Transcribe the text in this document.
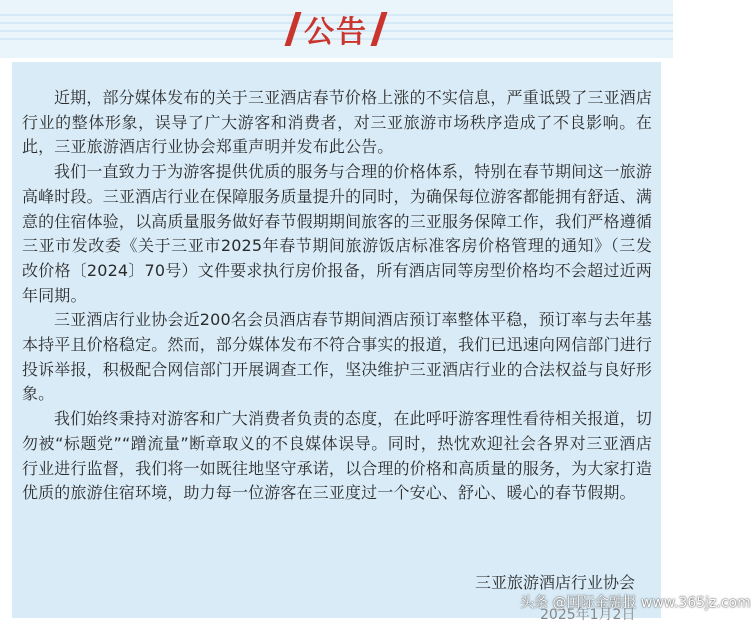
公告

近期，部分媒体发布的关于三亚酒店春节价格上涨的不实信息，严重诋毁了三亚酒店行业的整体形象，误导了广大游客和消费者，对三亚旅游市场秩序造成了不良影响。在此，三亚旅游酒店行业协会郑重声明并发布此公告。

我们一直致力于为游客提供优质的服务与合理的价格体系，特别在春节期间这一旅游高峰时段。三亚酒店行业在保障服务质量提升的同时，为确保每位游客都能拥有舒适、满意的住宿体验，以高质量服务做好春节假期期间旅客的三亚服务保障工作，我们严格遵循三亚市发改委《关于三亚市2025年春节期间旅游饭店标准客房价格管理的通知》（三发改价格〔2024〕70号）文件要求执行房价报备，所有酒店同等房型价格均不会超过近两年同期。

三亚酒店行业协会近200名会员酒店春节期间酒店预订率整体平稳，预订率与去年基本持平且价格稳定。然而，部分媒体发布不符合事实的报道，我们已迅速向网信部门进行投诉举报，积极配合网信部门开展调查工作，坚决维护三亚酒店行业的合法权益与良好形象。

我们始终秉持对游客和广大消费者负责的态度，在此呼吁游客理性看待相关报道，切勿被“标题党”“蹭流量”断章取义的不良媒体误导。同时，热忱欢迎社会各界对三亚酒店行业进行监督，我们将一如既往地坚守承诺，以合理的价格和高质量的服务，为大家打造优质的旅游住宿环境，助力每一位游客在三亚度过一个安心、舒心、暖心的春节假期。

三亚旅游酒店行业协会
2025年1月2日
头条 @国际金融报 www.365jz.com
